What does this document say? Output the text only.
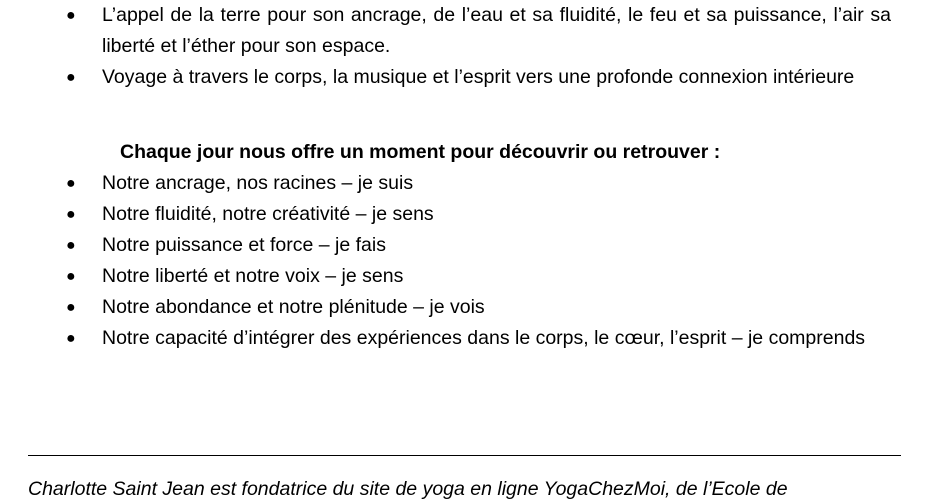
● L’appel de la terre pour son ancrage, de l’eau et sa fluidité, le feu et sa puissance, l’air sa liberté et l’éther pour son espace.
● Voyage à travers le corps, la musique et l’esprit vers une profonde connexion intérieure

Chaque jour nous offre un moment pour découvrir ou retrouver :

● Notre ancrage, nos racines – je suis
● Notre fluidité, notre créativité – je sens
● Notre puissance et force – je fais
● Notre liberté et notre voix – je sens
● Notre abondance et notre plénitude – je vois
● Notre capacité d’intégrer des expériences dans le corps, le cœur, l’esprit – je comprends
Charlotte Saint Jean est fondatrice du site de yoga en ligne YogaChezMoi, de l’Ecole de
